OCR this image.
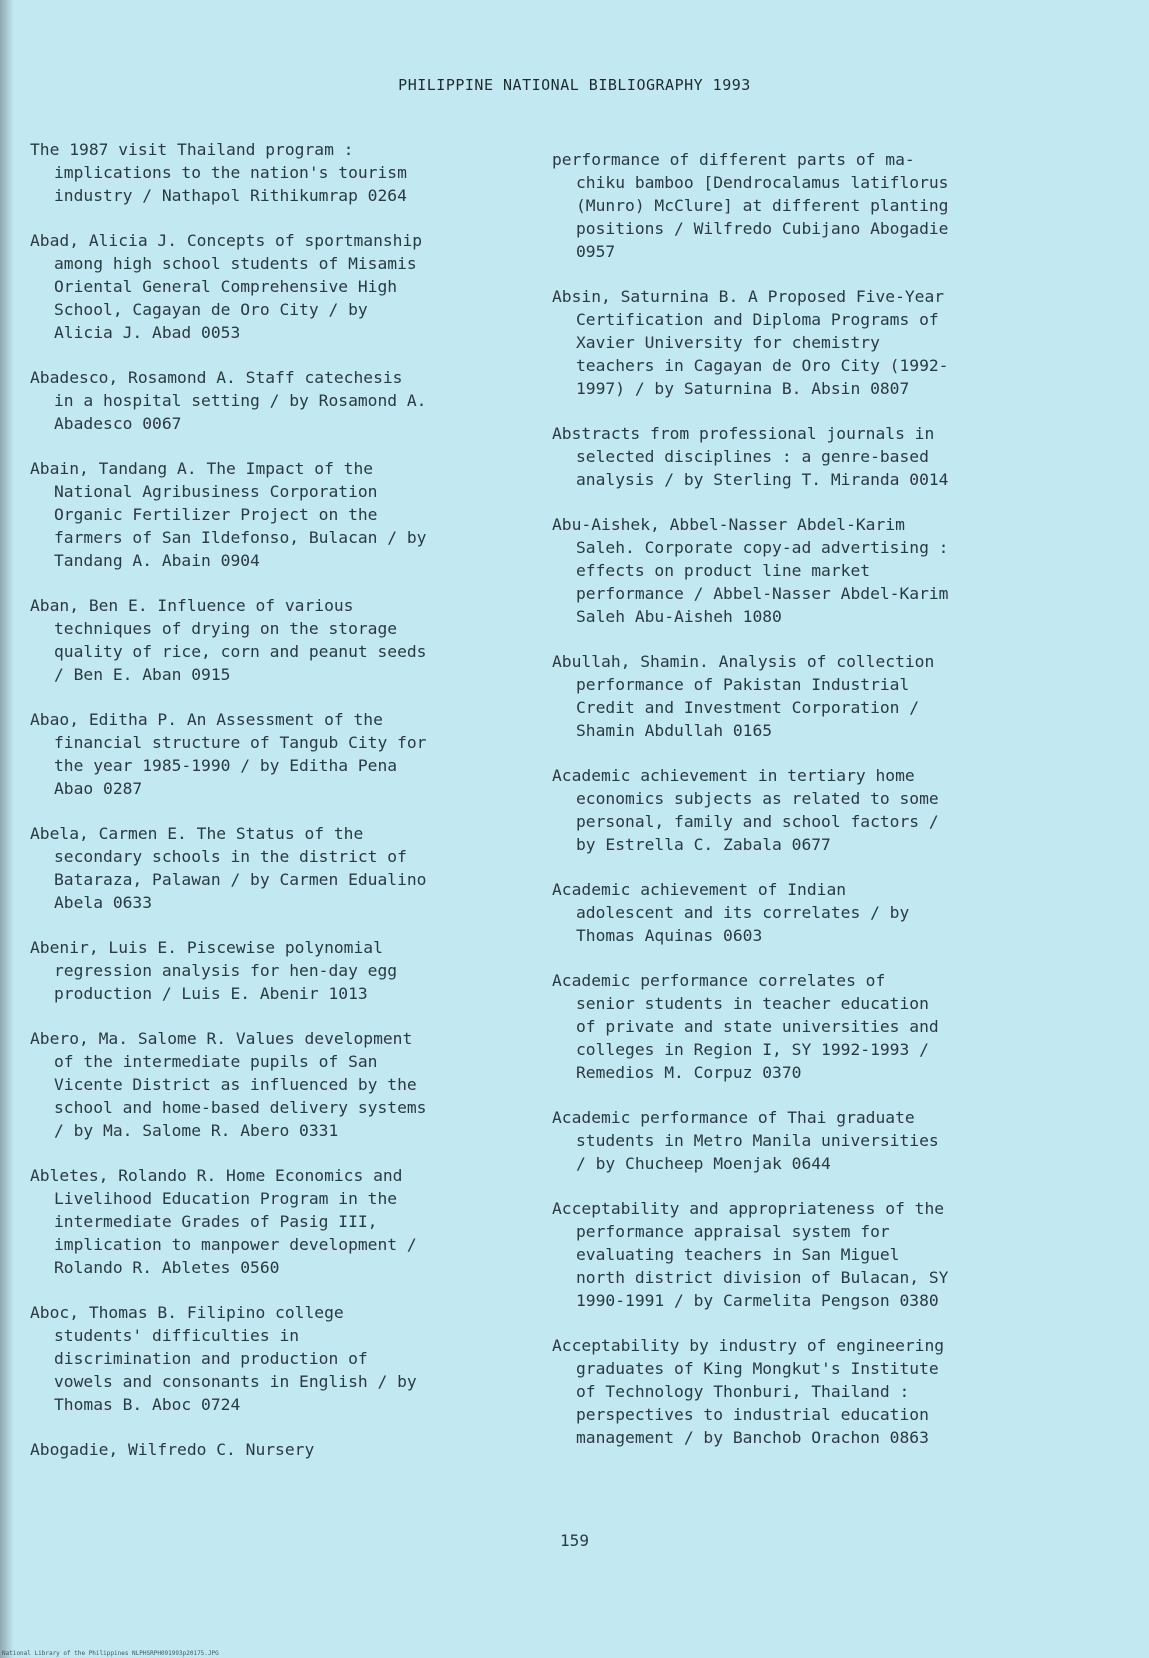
PHILIPPINE NATIONAL BIBLIOGRAPHY 1993

The 1987 visit Thailand program :
implications to the nation's tourism
industry / Nathapol Rithikumrap 0264

Abad, Alicia J. Concepts of sportmanship
among high school students of Misamis
Oriental General Comprehensive High
School, Cagayan de Oro City / by
Alicia J. Abad 0053

Abadesco, Rosamond A. Staff catechesis
in a hospital setting / by Rosamond A.
Abadesco 0067

Abain, Tandang A. The Impact of the
National Agribusiness Corporation
Organic Fertilizer Project on the
farmers of San Ildefonso, Bulacan / by
Tandang A. Abain 0904

Aban, Ben E. Influence of various
techniques of drying on the storage
quality of rice, corn and peanut seeds
/ Ben E. Aban 0915

Abao, Editha P. An Assessment of the
financial structure of Tangub City for
the year 1985-1990 / by Editha Pena
Abao 0287

Abela, Carmen E. The Status of the
secondary schools in the district of
Bataraza, Palawan / by Carmen Edualino
Abela 0633

Abenir, Luis E. Piscewise polynomial
regression analysis for hen-day egg
production / Luis E. Abenir 1013

Abero, Ma. Salome R. Values development
of the intermediate pupils of San
Vicente District as influenced by the
school and home-based delivery systems
/ by Ma. Salome R. Abero 0331

Abletes, Rolando R. Home Economics and
Livelihood Education Program in the
intermediate Grades of Pasig III,
implication to manpower development /
Rolando R. Abletes 0560

Aboc, Thomas B. Filipino college
students' difficulties in
discrimination and production of
vowels and consonants in English / by
Thomas B. Aboc 0724

Abogadie, Wilfredo C. Nursery

performance of different parts of ma-
chiku bamboo [Dendrocalamus latiflorus
(Munro) McClure] at different planting
positions / Wilfredo Cubijano Abogadie
0957

Absin, Saturnina B. A Proposed Five-Year
Certification and Diploma Programs of
Xavier University for chemistry
teachers in Cagayan de Oro City (1992-
1997) / by Saturnina B. Absin 0807

Abstracts from professional journals in
selected disciplines : a genre-based
analysis / by Sterling T. Miranda 0014

Abu-Aishek, Abbel-Nasser Abdel-Karim
Saleh. Corporate copy-ad advertising :
effects on product line market
performance / Abbel-Nasser Abdel-Karim
Saleh Abu-Aisheh 1080

Abullah, Shamin. Analysis of collection
performance of Pakistan Industrial
Credit and Investment Corporation /
Shamin Abdullah 0165

Academic achievement in tertiary home
economics subjects as related to some
personal, family and school factors /
by Estrella C. Zabala 0677

Academic achievement of Indian
adolescent and its correlates / by
Thomas Aquinas 0603

Academic performance correlates of
senior students in teacher education
of private and state universities and
colleges in Region I, SY 1992-1993 /
Remedios M. Corpuz 0370

Academic performance of Thai graduate
students in Metro Manila universities
/ by Chucheep Moenjak 0644

Acceptability and appropriateness of the
performance appraisal system for
evaluating teachers in San Miguel
north district division of Bulacan, SY
1990-1991 / by Carmelita Pengson 0380

Acceptability by industry of engineering
graduates of King Mongkut's Institute
of Technology Thonburi, Thailand :
perspectives to industrial education
management / by Banchob Orachon 0863

159
National Library of the Philippines NLPHSRPH091993p20175.JPG
